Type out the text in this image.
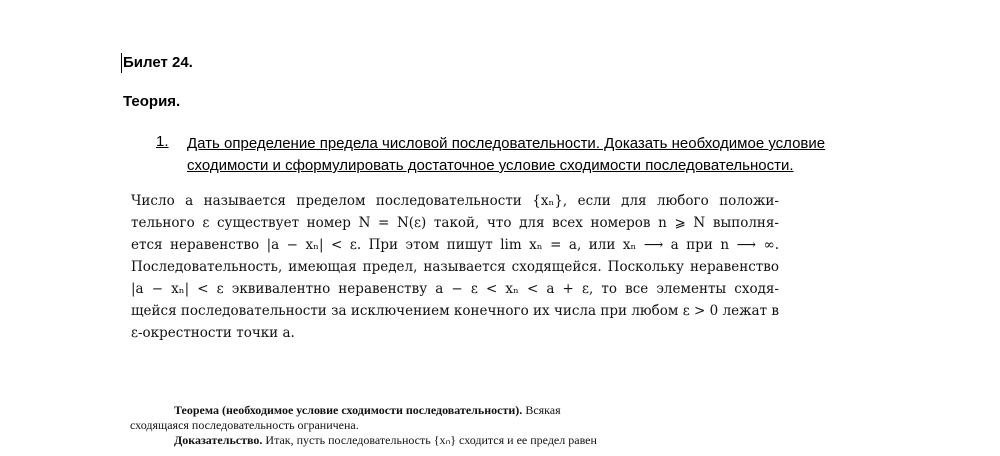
Билет 24.
Теория.
1. Дать определение предела числовой последовательности. Доказать необходимое условие сходимости и сформулировать достаточное условие сходимости последовательности.
Число a называется пределом последовательности {xₙ}, если для любого положи-
тельного ε существует номер N = N(ε) такой, что для всех номеров n ⩾ N выполня-
ется неравенство |a − xₙ| < ε. При этом пишут lim xₙ = a, или xₙ ⟶ a при n ⟶ ∞.
Последовательность, имеющая предел, называется сходящейся. Поскольку неравенство
|a − xₙ| < ε эквивалентно неравенству a − ε < xₙ < a + ε, то все элементы сходя-
щейся последовательности за исключением конечного их числа при любом ε > 0 лежат в
ε-окрестности точки a.
Теорема (необходимое условие сходимости последовательности). Всякая
сходящаяся последовательность ограничена.
Доказательство. Итак, пусть последовательность {xₙ} сходится и ее предел равен
